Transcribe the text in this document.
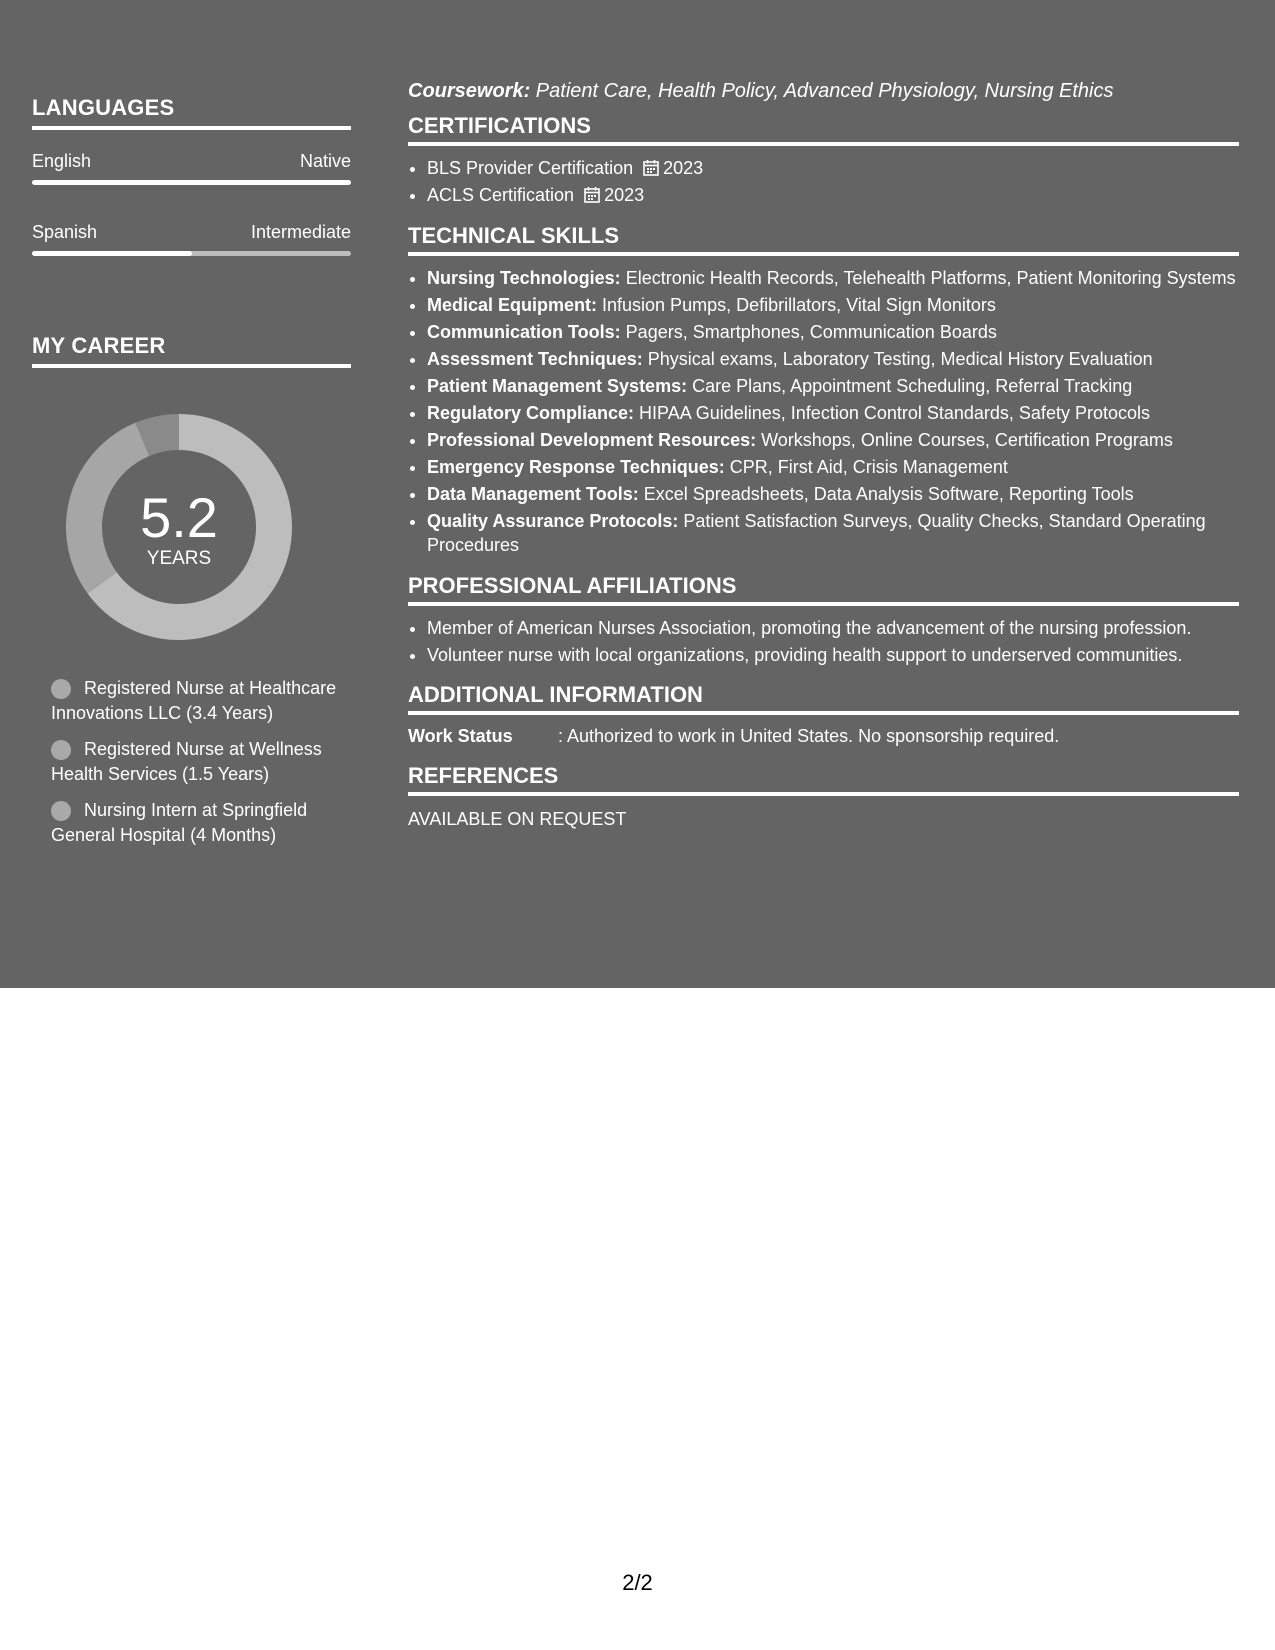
LANGUAGES
English	Native
Spanish	Intermediate
MY CAREER
5.2
YEARS
Registered Nurse at Healthcare Innovations LLC (3.4 Years)
Registered Nurse at Wellness Health Services (1.5 Years)
Nursing Intern at Springfield General Hospital (4 Months)

Coursework: Patient Care, Health Policy, Advanced Physiology, Nursing Ethics

CERTIFICATIONS
• BLS Provider Certification 2023
• ACLS Certification 2023
TECHNICAL SKILLS
• Nursing Technologies: Electronic Health Records, Telehealth Platforms, Patient Monitoring Systems
• Medical Equipment: Infusion Pumps, Defibrillators, Vital Sign Monitors
• Communication Tools: Pagers, Smartphones, Communication Boards
• Assessment Techniques: Physical exams, Laboratory Testing, Medical History Evaluation
• Patient Management Systems: Care Plans, Appointment Scheduling, Referral Tracking
• Regulatory Compliance: HIPAA Guidelines, Infection Control Standards, Safety Protocols
• Professional Development Resources: Workshops, Online Courses, Certification Programs
• Emergency Response Techniques: CPR, First Aid, Crisis Management
• Data Management Tools: Excel Spreadsheets, Data Analysis Software, Reporting Tools
• Quality Assurance Protocols: Patient Satisfaction Surveys, Quality Checks, Standard Operating Procedures
PROFESSIONAL AFFILIATIONS
• Member of American Nurses Association, promoting the advancement of the nursing profession.
• Volunteer nurse with local organizations, providing health support to underserved communities.
ADDITIONAL INFORMATION
Work Status	: Authorized to work in United States. No sponsorship required.
REFERENCES
AVAILABLE ON REQUEST
2/2
